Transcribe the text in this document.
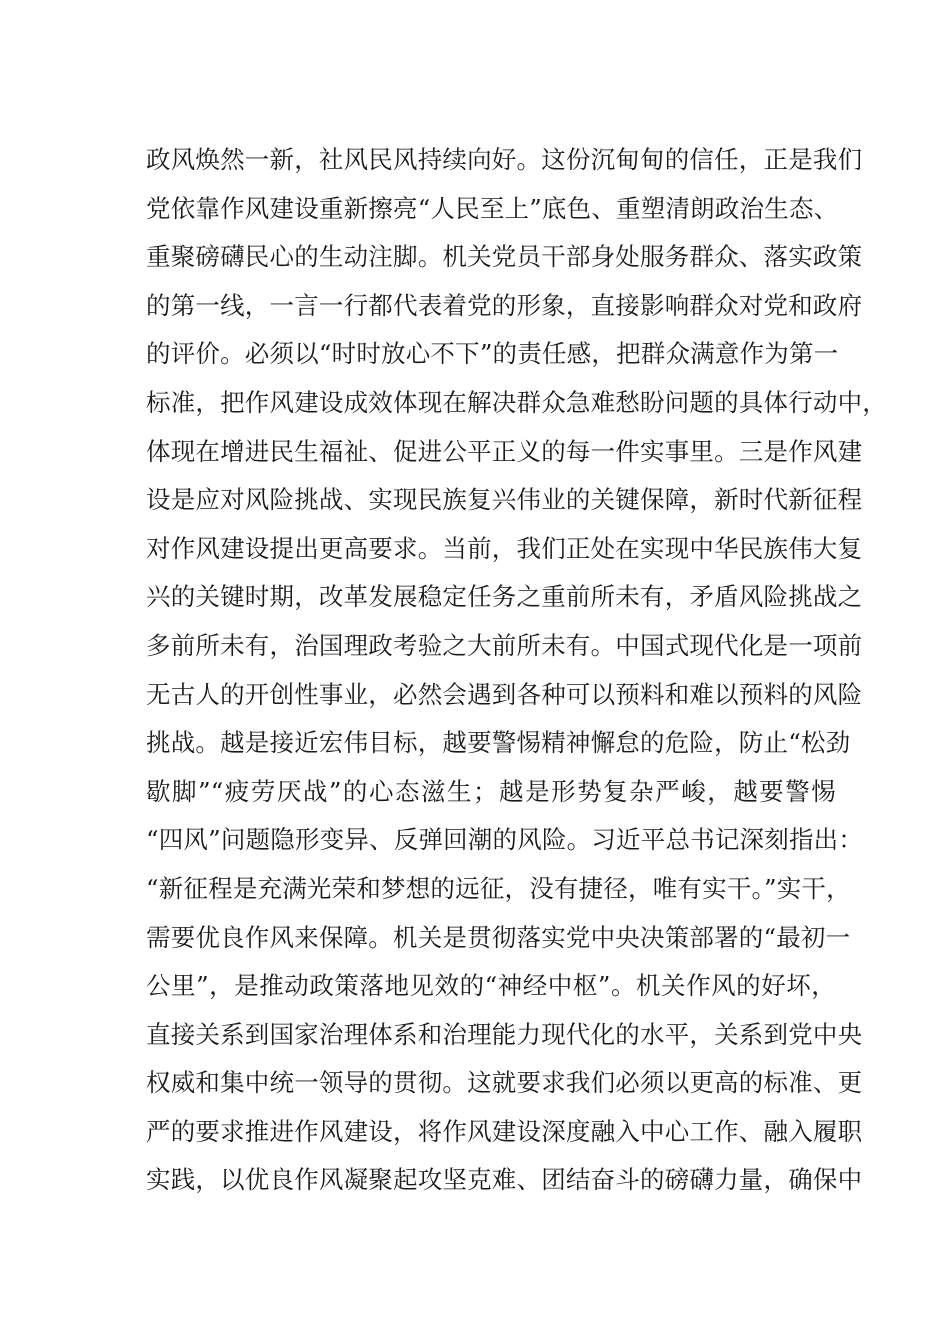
政风焕然一新，社风民风持续向好。这份沉甸甸的信任，正是我们
党依靠作风建设重新擦亮“人民至上”底色、重塑清朗政治生态、
重聚磅礴民心的生动注脚。机关党员干部身处服务群众、落实政策
的第一线，一言一行都代表着党的形象，直接影响群众对党和政府
的评价。必须以“时时放心不下”的责任感，把群众满意作为第一
标准，把作风建设成效体现在解决群众急难愁盼问题的具体行动中，
体现在增进民生福祉、促进公平正义的每一件实事里。三是作风建
设是应对风险挑战、实现民族复兴伟业的关键保障，新时代新征程
对作风建设提出更高要求。当前，我们正处在实现中华民族伟大复
兴的关键时期，改革发展稳定任务之重前所未有，矛盾风险挑战之
多前所未有，治国理政考验之大前所未有。中国式现代化是一项前
无古人的开创性事业，必然会遇到各种可以预料和难以预料的风险
挑战。越是接近宏伟目标，越要警惕精神懈怠的危险，防止“松劲
歇脚”“疲劳厌战”的心态滋生；越是形势复杂严峻，越要警惕
“四风”问题隐形变异、反弹回潮的风险。习近平总书记深刻指出：
“新征程是充满光荣和梦想的远征，没有捷径，唯有实干。”实干，
需要优良作风来保障。机关是贯彻落实党中央决策部署的“最初一
公里”，是推动政策落地见效的“神经中枢”。机关作风的好坏，
直接关系到国家治理体系和治理能力现代化的水平，关系到党中央
权威和集中统一领导的贯彻。这就要求我们必须以更高的标准、更
严的要求推进作风建设，将作风建设深度融入中心工作、融入履职
实践，以优良作风凝聚起攻坚克难、团结奋斗的磅礴力量，确保中
